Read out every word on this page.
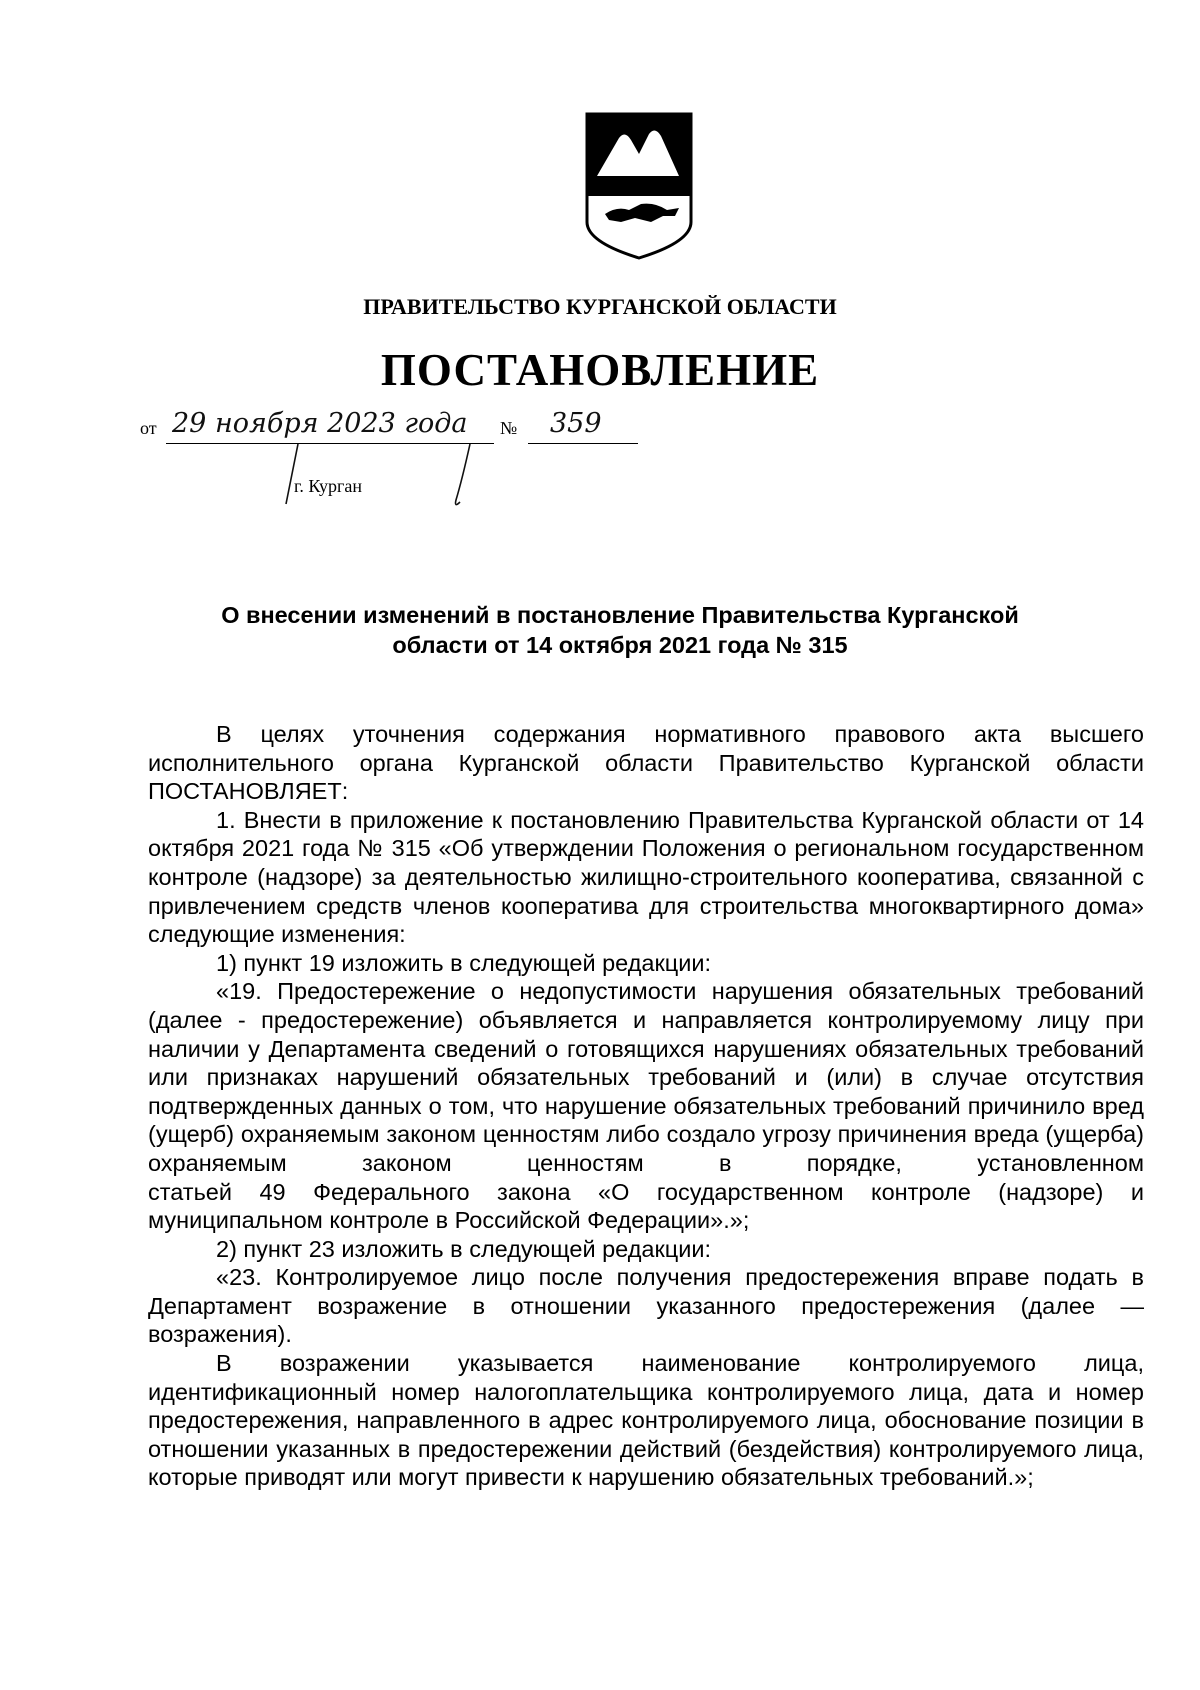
ПРАВИТЕЛЬСТВО КУРГАНСКОЙ ОБЛАСТИ
ПОСТАНОВЛЕНИЕ
от 29 ноября 2023 года № 359
г. Курган
О внесении изменений в постановление Правительства Курганской
области от 14 октября 2021 года № 315

В целях уточнения содержания нормативного правового акта высшего исполнительного органа Курганской области Правительство Курганской области ПОСТАНОВЛЯЕТ:

1. Внести в приложение к постановлению Правительства Курганской области от 14 октября 2021 года № 315 «Об утверждении Положения о региональном государственном контроле (надзоре) за деятельностью жилищно-строительного кооператива, связанной с привлечением средств членов кооператива для строительства многоквартирного дома» следующие изменения:

1) пункт 19 изложить в следующей редакции:

«19. Предостережение о недопустимости нарушения обязательных требований (далее - предостережение) объявляется и направляется контролируемому лицу при наличии у Департамента сведений о готовящихся нарушениях обязательных требований или признаках нарушений обязательных требований и (или) в случае отсутствия подтвержденных данных о том, что нарушение обязательных требований причинило вред (ущерб) охраняемым законом ценностям либо создало угрозу причинения вреда (ущерба) охраняемым законом ценностям в порядке, установленном

статьей 49 Федерального закона «О государственном контроле (надзоре) и муниципальном контроле в Российской Федерации».»;

2) пункт 23 изложить в следующей редакции:

«23. Контролируемое лицо после получения предостережения вправе подать в Департамент возражение в отношении указанного предостережения (далее — возражения).

В возражении указывается наименование контролируемого лица, идентификационный номер налогоплательщика контролируемого лица, дата и номер предостережения, направленного в адрес контролируемого лица, обоснование позиции в отношении указанных в предостережении действий (бездействия) контролируемого лица, которые приводят или могут привести к нарушению обязательных требований.»;
